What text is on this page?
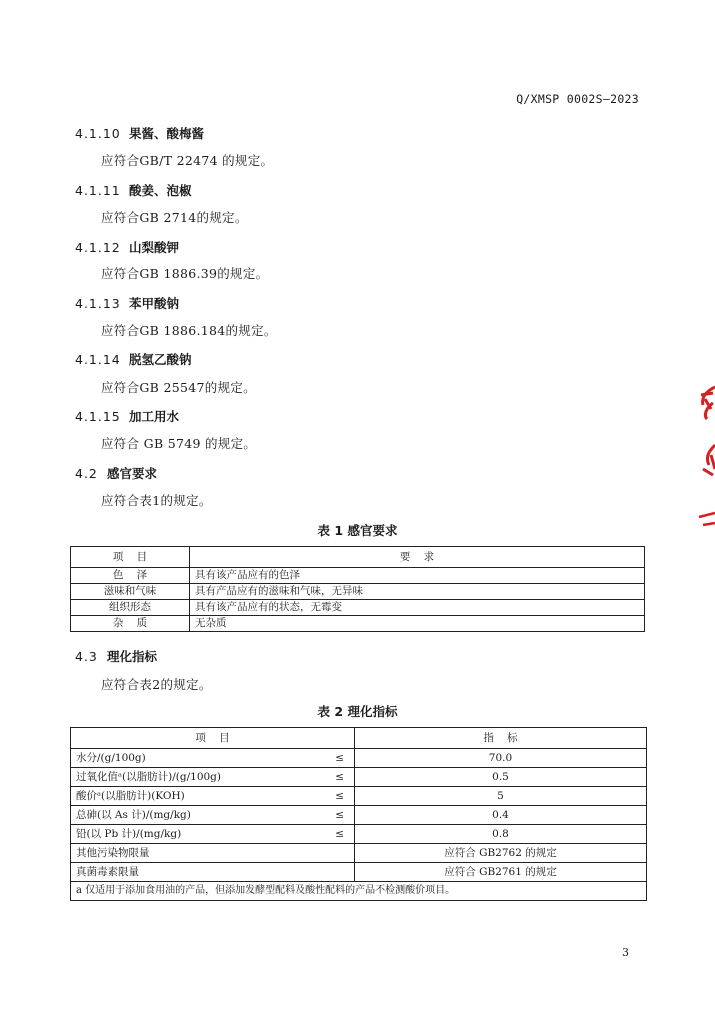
Q/XMSP 0002S—2023
4.1.10 果酱、酸梅酱
应符合GB/T 22474 的规定。
4.1.11 酸姜、泡椒
应符合GB 2714的规定。
4.1.12 山梨酸钾
应符合GB 1886.39的规定。
4.1.13 苯甲酸钠
应符合GB 1886.184的规定。
4.1.14 脱氢乙酸钠
应符合GB 25547的规定。
4.1.15 加工用水
应符合 GB 5749 的规定。
4.2 感官要求
应符合表1的规定。
表 1 感官要求
项    目	要    求
色    泽	具有该产品应有的色泽
滋味和气味	具有产品应有的滋味和气味，无异味
组织形态	具有该产品应有的状态，无霉变
杂    质	无杂质
4.3 理化指标
应符合表2的规定。
表 2 理化指标
项    目		指    标
水分/(g/100g)	≤	70.0
过氧化值ᵃ(以脂肪计)/(g/100g)	≤	0.5
酸价ᵃ(以脂肪计)(KOH)	≤	5
总砷(以 As 计)/(mg/kg)	≤	0.4
铅(以 Pb 计)/(mg/kg)	≤	0.8
其他污染物限量		应符合 GB2762 的规定
真菌毒素限量		应符合 GB2761 的规定
a 仅适用于添加食用油的产品，但添加发酵型配料及酸性配料的产品不检测酸价项目。		
3
